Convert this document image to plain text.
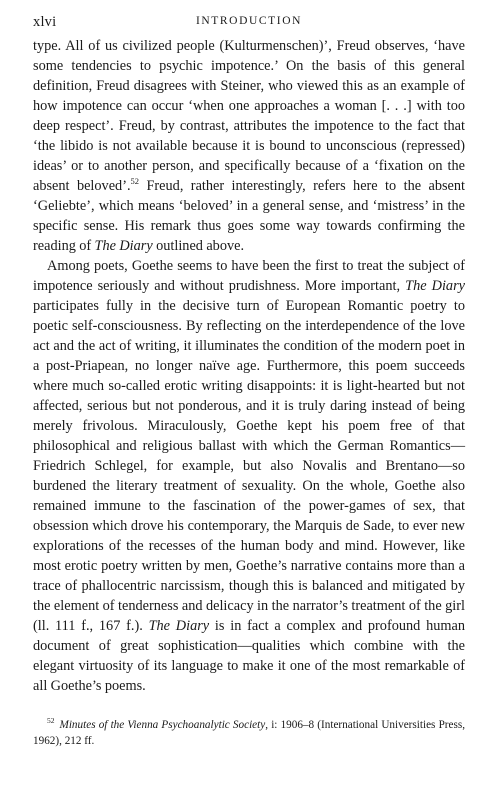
xlvi	INTRODUCTION

type. All of us civilized people (Kulturmenschen)’, Freud observes, ‘have some tendencies to psychic impotence.’ On the basis of this general definition, Freud disagrees with Steiner, who viewed this as an example of how impotence can occur ‘when one approaches a woman [. . .] with too deep respect’. Freud, by contrast, attributes the impotence to the fact that ‘the libido is not available because it is bound to unconscious (repressed) ideas’ or to another person, and specifically because of a ‘fixation on the absent beloved’.$^{52}$ Freud, rather interestingly, refers here to the absent ‘Geliebte’, which means ‘beloved’ in a general sense, and ‘mistress’ in the specific sense. His remark thus goes some way towards confirming the reading of The Diary outlined above.

Among poets, Goethe seems to have been the first to treat the subject of impotence seriously and without prudishness. More important, The Diary participates fully in the decisive turn of European Romantic poetry to poetic self-consciousness. By reflecting on the interdependence of the love act and the act of writing, it illuminates the condition of the modern poet in a post-Priapean, no longer naïve age. Furthermore, this poem succeeds where much so-called erotic writing disappoints: it is light-hearted but not affected, serious but not ponderous, and it is truly daring instead of being merely frivolous. Miraculously, Goethe kept his poem free of that philosophical and religious ballast with which the German Romantics—Friedrich Schlegel, for example, but also Novalis and Brentano—so burdened the literary treatment of sexuality. On the whole, Goethe also remained immune to the fascination of the power-games of sex, that obsession which drove his contemporary, the Marquis de Sade, to ever new explorations of the recesses of the human body and mind. However, like most erotic poetry written by men, Goethe’s narrative contains more than a trace of phallocentric narcissism, though this is balanced and mitigated by the element of tenderness and delicacy in the narrator’s treatment of the girl (ll. 111 f., 167 f.). The Diary is in fact a complex and profound human document of great sophistication—qualities which combine with the elegant virtuosity of its language to make it one of the most remarkable of all Goethe’s poems.

$^{52}$ Minutes of the Vienna Psychoanalytic Society, i: 1906–8 (International Universities Press, 1962), 212 ff.
